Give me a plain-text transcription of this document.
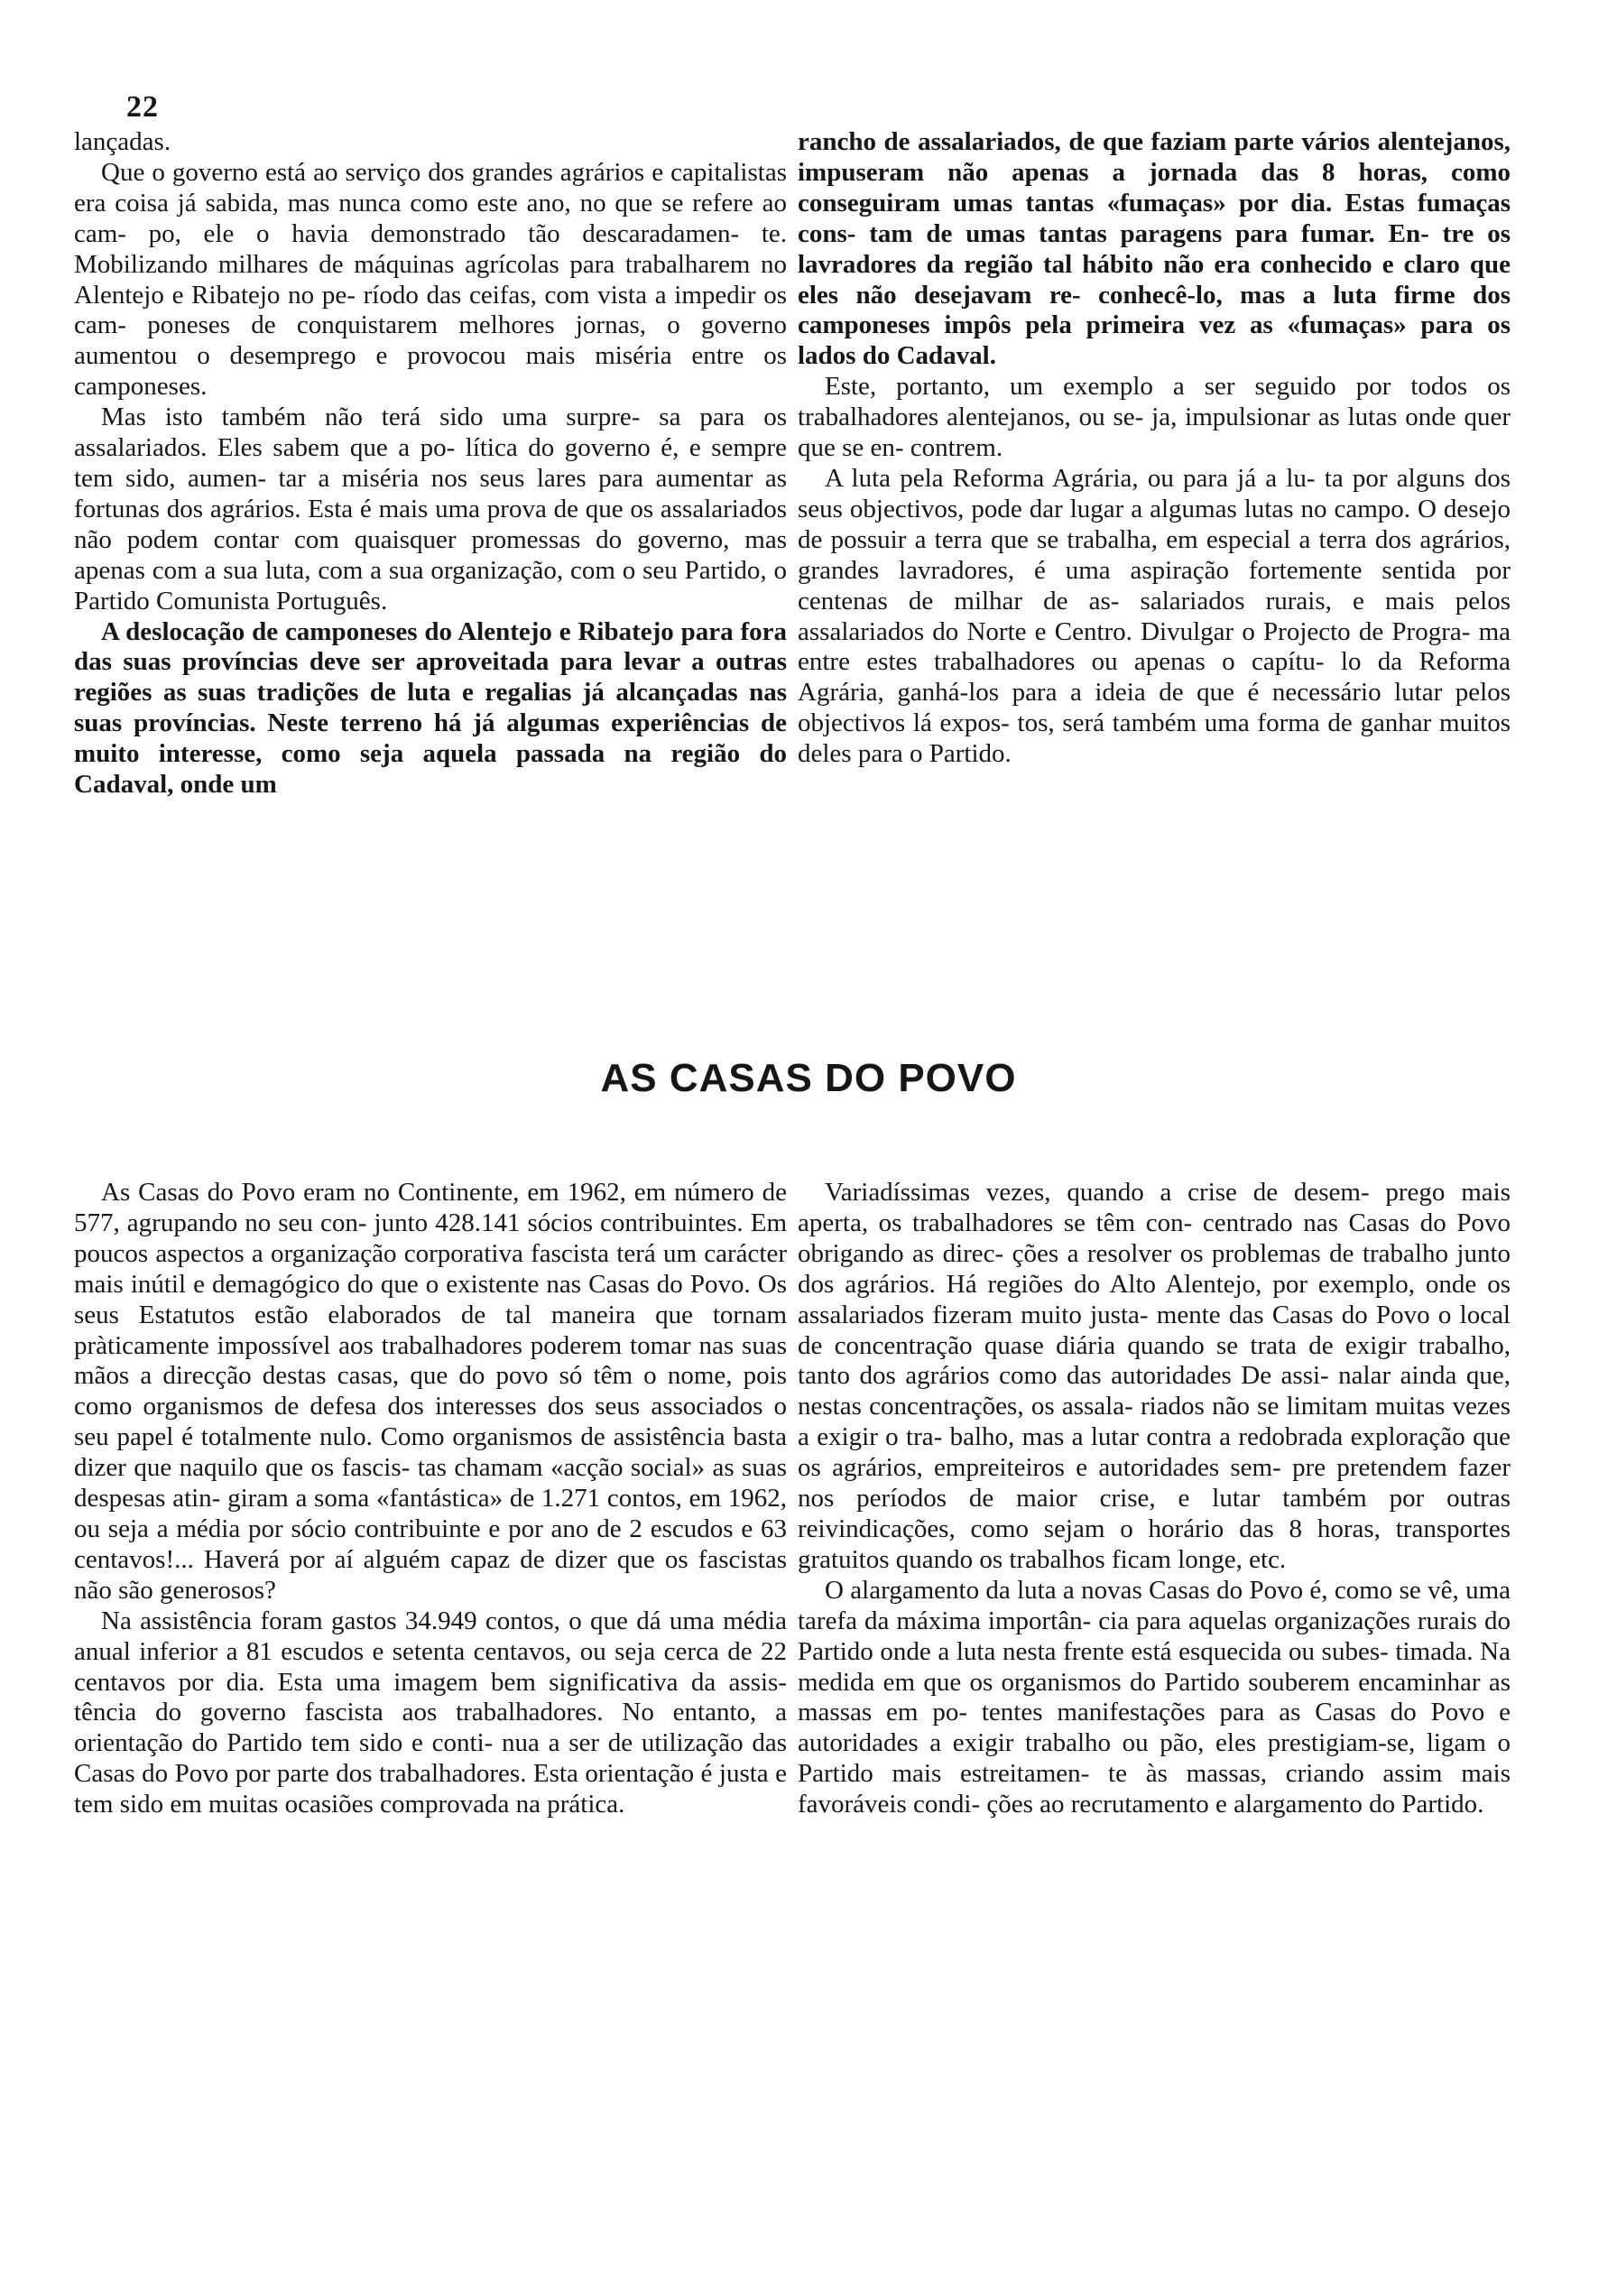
22

lançadas.

Que o governo está ao serviço dos grandes agrários e capitalistas era coisa já sabida, mas nunca como este ano, no que se refere ao cam- po, ele o havia demonstrado tão descaradamen- te. Mobilizando milhares de máquinas agrícolas para trabalharem no Alentejo e Ribatejo no pe- ríodo das ceifas, com vista a impedir os cam- poneses de conquistarem melhores jornas, o governo aumentou o desemprego e provocou mais miséria entre os camponeses.

Mas isto também não terá sido uma surpre- sa para os assalariados. Eles sabem que a po- lítica do governo é, e sempre tem sido, aumen- tar a miséria nos seus lares para aumentar as fortunas dos agrários. Esta é mais uma prova de que os assalariados não podem contar com quaisquer promessas do governo, mas apenas com a sua luta, com a sua organização, com o seu Partido, o Partido Comunista Português.

A deslocação de camponeses do Alentejo e Ribatejo para fora das suas províncias deve ser aproveitada para levar a outras regiões as suas tradições de luta e regalias já alcançadas nas suas províncias. Neste terreno há já algumas experiências de muito interesse, como seja aquela passada na região do Cadaval, onde um

rancho de assalariados, de que faziam parte vários alentejanos, impuseram não apenas a jornada das 8 horas, como conseguiram umas tantas «fumaças» por dia. Estas fumaças cons- tam de umas tantas paragens para fumar. En- tre os lavradores da região tal hábito não era conhecido e claro que eles não desejavam re- conhecê-lo, mas a luta firme dos camponeses impôs pela primeira vez as «fumaças» para os lados do Cadaval.

Este, portanto, um exemplo a ser seguido por todos os trabalhadores alentejanos, ou se- ja, impulsionar as lutas onde quer que se en- contrem.

A luta pela Reforma Agrária, ou para já a lu- ta por alguns dos seus objectivos, pode dar lugar a algumas lutas no campo. O desejo de possuir a terra que se trabalha, em especial a terra dos agrários, grandes lavradores, é uma aspiração fortemente sentida por centenas de milhar de as- salariados rurais, e mais pelos assalariados do Norte e Centro. Divulgar o Projecto de Progra- ma entre estes trabalhadores ou apenas o capítu- lo da Reforma Agrária, ganhá-los para a ideia de que é necessário lutar pelos objectivos lá expos- tos, será também uma forma de ganhar muitos deles para o Partido.

AS CASAS DO POVO

As Casas do Povo eram no Continente, em 1962, em número de 577, agrupando no seu con- junto 428.141 sócios contribuintes. Em poucos aspectos a organização corporativa fascista terá um carácter mais inútil e demagógico do que o existente nas Casas do Povo. Os seus Estatutos estão elaborados de tal maneira que tornam pràticamente impossível aos trabalhadores poderem tomar nas suas mãos a direcção destas casas, que do povo só têm o nome, pois como organismos de defesa dos interesses dos seus associados o seu papel é totalmente nulo. Como organismos de assistência basta dizer que naquilo que os fascis- tas chamam «acção social» as suas despesas atin- giram a soma «fantástica» de 1.271 contos, em 1962, ou seja a média por sócio contribuinte e por ano de 2 escudos e 63 centavos!... Haverá por aí alguém capaz de dizer que os fascistas não são generosos?

Na assistência foram gastos 34.949 contos, o que dá uma média anual inferior a 81 escudos e setenta centavos, ou seja cerca de 22 centavos por dia. Esta uma imagem bem significativa da assis- tência do governo fascista aos trabalhadores. No entanto, a orientação do Partido tem sido e conti- nua a ser de utilização das Casas do Povo por parte dos trabalhadores. Esta orientação é justa e tem sido em muitas ocasiões comprovada na prática.

Variadíssimas vezes, quando a crise de desem- prego mais aperta, os trabalhadores se têm con- centrado nas Casas do Povo obrigando as direc- ções a resolver os problemas de trabalho junto dos agrários. Há regiões do Alto Alentejo, por exemplo, onde os assalariados fizeram muito justa- mente das Casas do Povo o local de concentração quase diária quando se trata de exigir trabalho, tanto dos agrários como das autoridades De assi- nalar ainda que, nestas concentrações, os assala- riados não se limitam muitas vezes a exigir o tra- balho, mas a lutar contra a redobrada exploração que os agrários, empreiteiros e autoridades sem- pre pretendem fazer nos períodos de maior crise, e lutar também por outras reivindicações, como sejam o horário das 8 horas, transportes gratuitos quando os trabalhos ficam longe, etc.

O alargamento da luta a novas Casas do Povo é, como se vê, uma tarefa da máxima importân- cia para aquelas organizações rurais do Partido onde a luta nesta frente está esquecida ou subes- timada. Na medida em que os organismos do Partido souberem encaminhar as massas em po- tentes manifestações para as Casas do Povo e autoridades a exigir trabalho ou pão, eles prestigiam-se, ligam o Partido mais estreitamen- te às massas, criando assim mais favoráveis condi- ções ao recrutamento e alargamento do Partido.
